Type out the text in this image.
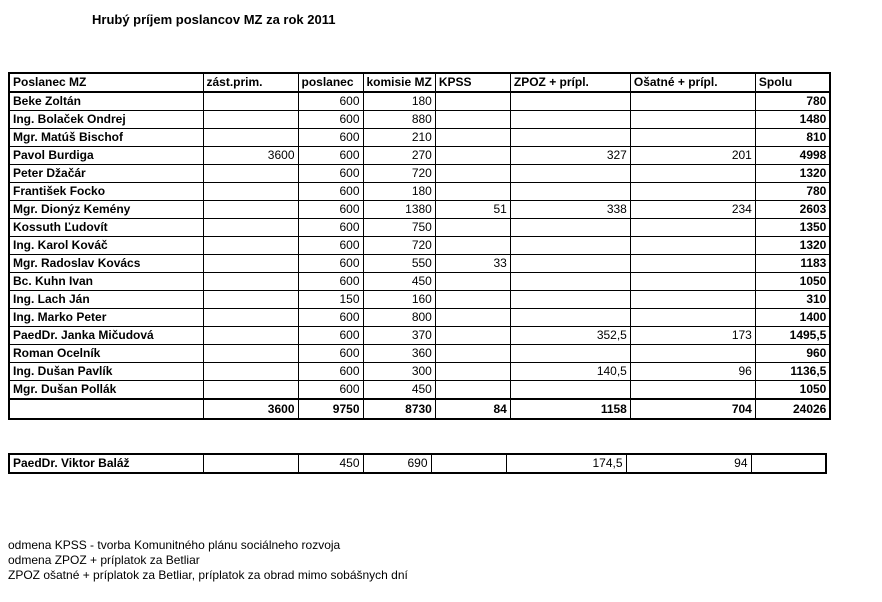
Hrubý príjem poslancov MZ za rok 2011
Poslanec MZ	zást.prim.	poslanec	komisie MZ	KPSS	ZPOZ + prípl.	Ošatné + prípl.	Spolu
Beke Zoltán		600	180				780
Ing. Bolaček Ondrej		600	880				1480
Mgr. Matúš Bischof		600	210				810
Pavol Burdiga	3600	600	270		327	201	4998
Peter Džačár		600	720				1320
František Focko		600	180				780
Mgr. Dionýz Kemény		600	1380	51	338	234	2603
Kossuth Ľudovít		600	750				1350
Ing. Karol Kováč		600	720				1320
Mgr. Radoslav Kovács		600	550	33			1183
Bc. Kuhn Ivan		600	450				1050
Ing. Lach Ján		150	160				310
Ing. Marko Peter		600	800				1400
PaedDr. Janka Mičudová		600	370		352,5	173	1495,5
Roman Ocelník		600	360				960
Ing. Dušan Pavlík		600	300		140,5	96	1136,5
Mgr. Dušan Pollák		600	450				1050
	3600	9750	8730	84	1158	704	24026
PaedDr. Viktor Baláž		450	690		174,5	94	
odmena KPSS - tvorba Komunitného plánu sociálneho rozvoja
odmena ZPOZ + príplatok za Betliar
ZPOZ ošatné + príplatok za Betliar, príplatok za obrad mimo sobášnych dní
